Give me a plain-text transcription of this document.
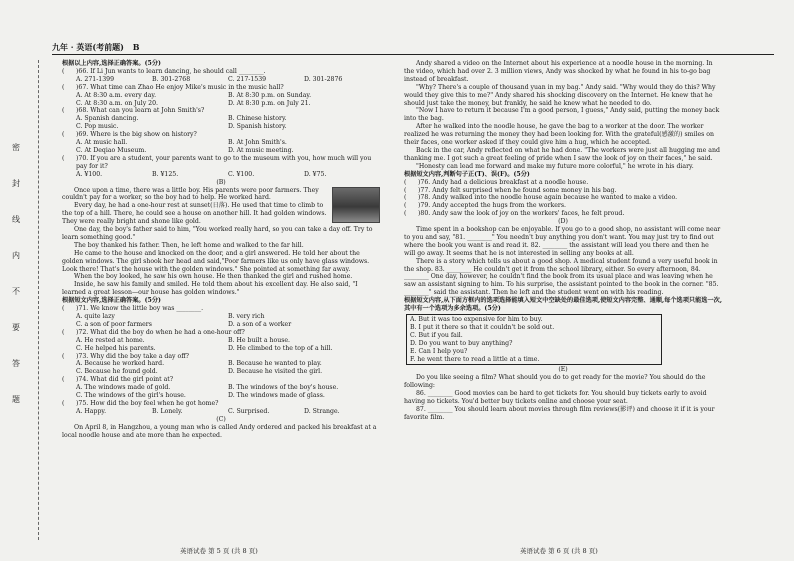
九年 · 英语(考前题) B
密
封
线
内
不
要
答
题

根据以上内容,选择正确答案。(5分)

(	)66. If Li Jun wants to learn dancing, he should call ________.
A. 271-1399	B. 301-2768	C. 217-1539	D. 301-2876
(	)67. What time can Zhao He enjoy Mike's music in the music hall?
A. At 8:30 a.m. every day.	B. At 8:30 p.m. on Sunday.
C. At 8:30 a.m. on July 20.	D. At 8:30 p.m. on July 21.
(	)68. What can you learn at John Smith's?
A. Spanish dancing.	B. Chinese history.
C. Pop music.	D. Spanish history.
(	)69. Where is the big show on history?
A. At music hall.	B. At John Smith's.
C. At Deqiao Museum.	D. At music meeting.
(	)70. If you are a student, your parents want to go to the museum with you, how much will you pay for it?
A. ¥100.	B. ¥125.	C. ¥100.	D. ¥75.

(B)

Once upon a time, there was a little boy. His parents were poor farmers. They couldn't pay for a worker, so the boy had to help. He worked hard.

Every day, he had a one-hour rest at sunset(日落). He used that time to climb to the top of a hill. There, he could see a house on another hill. It had golden windows. They were really bright and shone like gold.

One day, the boy's father said to him, "You worked really hard, so you can take a day off. Try to learn something good."

The boy thanked his father. Then, he left home and walked to the far hill.

He came to the house and knocked on the door, and a girl answered. He told her about the golden windows. The girl shook her head and said,"Poor farmers like us only have glass windows. Look there! That's the house with the golden windows." She pointed at something far away.

When the boy looked, he saw his own house. He then thanked the girl and rushed home.

Inside, he saw his family and smiled. He told them about his excellent day. He also said, "I learned a great lesson—our house has golden windows."

根据短文内容,选择正确答案。(5分)

(	)71. We know the little boy was ________.
A. quite lazy	B. very rich
C. a son of poor farmers	D. a son of a worker
(	)72. What did the boy do when he had a one-hour off?
A. He rested at home.	B. He built a house.
C. He helped his parents.	D. He climbed to the top of a hill.
(	)73. Why did the boy take a day off?
A. Because he worked hard.	B. Because he wanted to play.
C. Because he found gold.	D. Because he visited the girl.
(	)74. What did the girl point at?
A. The windows made of gold.	B. The windows of the boy's house.
C. The windows of the girl's house.	D. The windows made of glass.
(	)75. How did the boy feel when he got home?
A. Happy.	B. Lonely.	C. Surprised.	D. Strange.

(C)

On April 8, in Hangzhou, a young man who is called Andy ordered and packed his breakfast at a local noodle house and ate more than he expected.

Andy shared a video on the Internet about his experience at a noodle house in the morning. In the video, which had over 2. 3 million views, Andy was shocked by what he found in his to-go bag instead of breakfast.

"Why? There's a couple of thousand yuan in my bag." Andy said. "Why would they do this? Why would they give this to me?" Andy shared his shocking discovery on the Internet. He knew that he should just take the money, but frankly, he said he knew what he needed to do.

"Now I have to return it because I'm a good person, I guess," Andy said, putting the money back into the bag.

After he walked into the noodle house, he gave the bag to a worker at the door. The worker realized he was returning the money they had been looking for. With the grateful(感激的) smiles on their faces, one worker asked if they could give him a hug, which he accepted.

Back in the car, Andy reflected on what he had done. "The workers were just all hugging me and thanking me. I got such a great feeling of pride when I saw the look of joy on their faces," he said.

"Honesty can lead me forward and make my future more colorful," he wrote in his diary.

根据短文内容,判断句子正(T)、误(F)。(5分)

(	)76. Andy had a delicious breakfast at a noodle house.
(	)77. Andy felt surprised when he found some money in his bag.
(	)78. Andy walked into the noodle house again because he wanted to make a video.
(	)79. Andy accepted the hugs from the workers.
(	)80. Andy saw the look of joy on the workers' faces, he felt proud.

(D)

Time spent in a bookshop can be enjoyable. If you go to a good shop, no assistant will come near to you and say, "81. ________" You needn't buy anything you don't want. You may just try to find out where the book you want is and read it. 82. ________ the assistant will lead you there and then he will go away. It seems that he is not interested in selling any books at all.

There is a story which tells us about a good shop. A medical student found a very useful book in the shop. 83. ________ He couldn't get it from the school library, either. So every afternoon, 84. ________ One day, however, he couldn't find the book from its usual place and was leaving when he saw an assistant signing to him. To his surprise, the assistant pointed to the book in the corner. "85. ________" said the assistant. Then he left and the student went on with his reading.

根据短文内容,从下面方框内的选项选择能填入短文中空缺处的最佳选项,使短文内容完整、通顺,每个选项只能选一次,其中有一个选项为多余选项。(5分)

A. But it was too expensive for him to buy.

B. I put it there so that it couldn't be sold out.

C. But if you fail.

D. Do you want to buy anything?

E. Can I help you?

F. he went there to read a little at a time.

(E)

Do you like seeing a film? What should you do to get ready for the movie? You should do the following:

86. ________ Good movies can be hard to get tickets for. You should buy tickets early to avoid having no tickets. You'd better buy tickets online and choose your seat.

87. ________ You should learn about movies through film reviews(影评) and choose it if it is your favorite film.

英语试卷 第 5 页 (共 8 页)	英语试卷 第 6 页 (共 8 页)
